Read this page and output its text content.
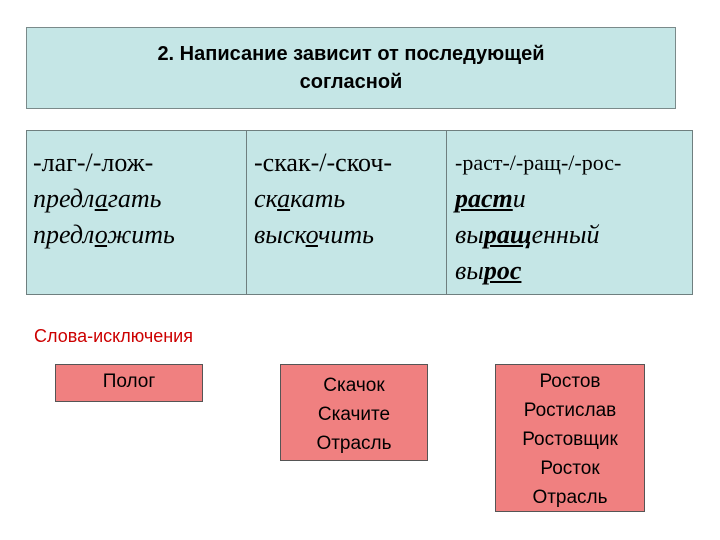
2. Написание зависит от последующей
согласной
-лаг-/-лож-
предлагать
предложить
-скак-/-скоч-
скакать
выскочить
-раст-/-ращ-/-рос-
расти
выращенный
вырос
Слова-исключения
Полог	Скачок
Скачите
Отрасль
Ростов
Ростислав
Ростовщик
Росток
Отрасль
